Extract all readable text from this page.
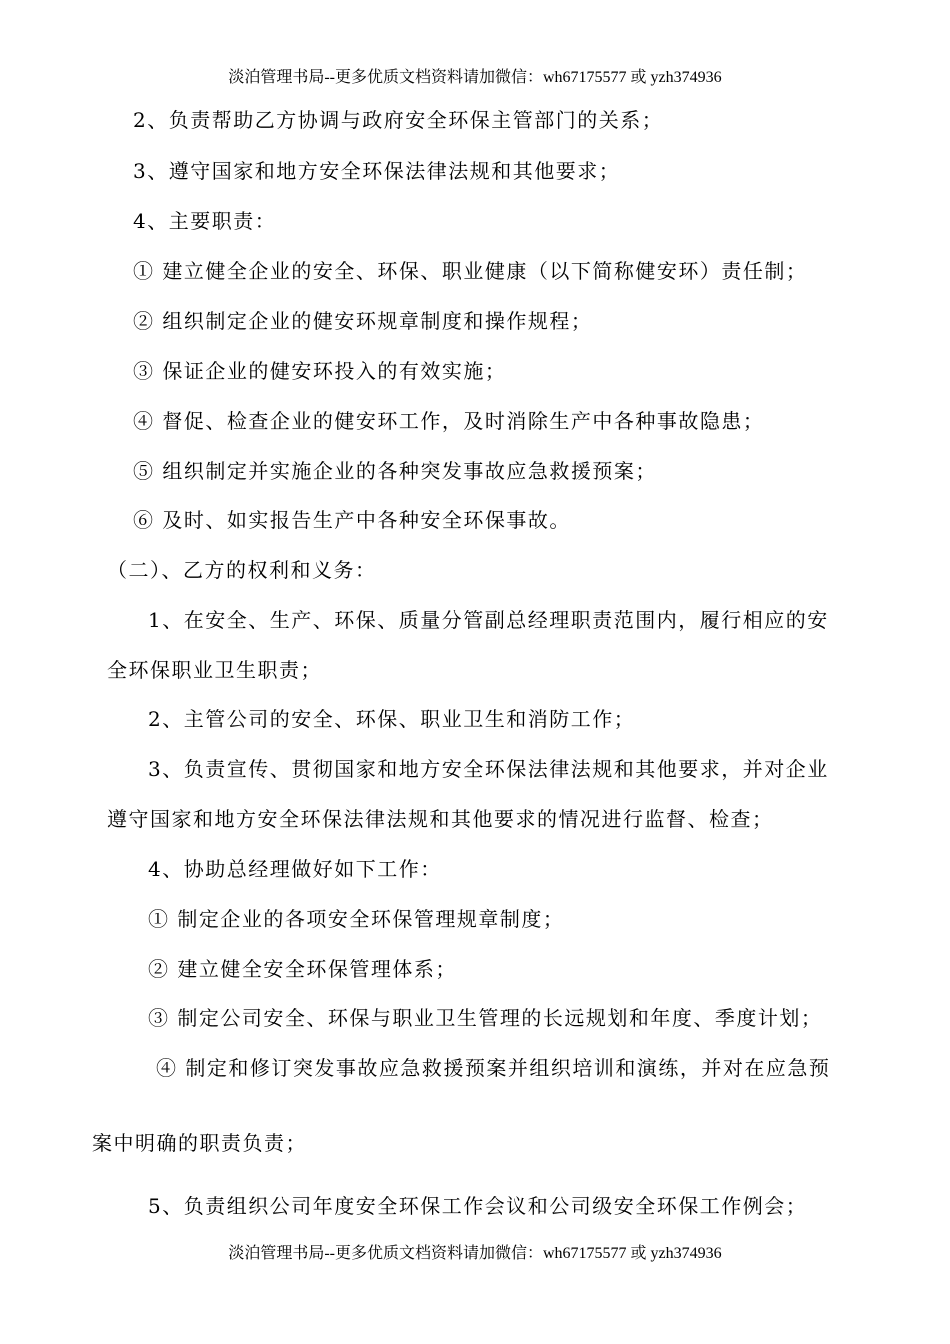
淡泊管理书局--更多优质文档资料请加微信：wh67175577 或 yzh374936
2、负责帮助乙方协调与政府安全环保主管部门的关系；
3、遵守国家和地方安全环保法律法规和其他要求；
4、主要职责：
① 建立健全企业的安全、环保、职业健康（以下简称健安环）责任制；
② 组织制定企业的健安环规章制度和操作规程；
③ 保证企业的健安环投入的有效实施；
④ 督促、检查企业的健安环工作，及时消除生产中各种事故隐患；
⑤ 组织制定并实施企业的各种突发事故应急救援预案；
⑥ 及时、如实报告生产中各种安全环保事故。
（二）、乙方的权利和义务：
1、在安全、生产、环保、质量分管副总经理职责范围内，履行相应的安
全环保职业卫生职责；
2、主管公司的安全、环保、职业卫生和消防工作；
3、负责宣传、贯彻国家和地方安全环保法律法规和其他要求，并对企业
遵守国家和地方安全环保法律法规和其他要求的情况进行监督、检查；
4、协助总经理做好如下工作：
① 制定企业的各项安全环保管理规章制度；
② 建立健全安全环保管理体系；
③ 制定公司安全、环保与职业卫生管理的长远规划和年度、季度计划；
④ 制定和修订突发事故应急救援预案并组织培训和演练，并对在应急预
案中明确的职责负责；
5、负责组织公司年度安全环保工作会议和公司级安全环保工作例会；
淡泊管理书局--更多优质文档资料请加微信：wh67175577 或 yzh374936
